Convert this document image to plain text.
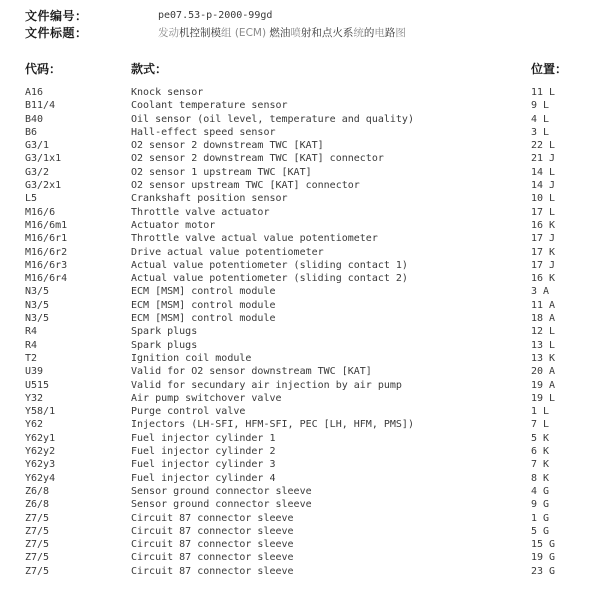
文件编号：	pe07.53-p-2000-99gd
文件标题：	发动机控制模组 (ECM) 燃油喷射和点火系统的电路图
代码：	款式：	位置：
A16	Knock sensor	11 L
B11/4	Coolant temperature sensor	9 L
B40	Oil sensor (oil level, temperature and quality)	4 L
B6	Hall-effect speed sensor	3 L
G3/1	O2 sensor 2 downstream TWC [KAT]	22 L
G3/1x1	O2 sensor 2 downstream TWC [KAT] connector	21 J
G3/2	O2 sensor 1 upstream TWC [KAT]	14 L
G3/2x1	O2 sensor upstream TWC [KAT] connector	14 J
L5	Crankshaft position sensor	10 L
M16/6	Throttle valve actuator	17 L
M16/6m1	Actuator motor	16 K
M16/6r1	Throttle valve actual value potentiometer	17 J
M16/6r2	Drive actual value potentiometer	17 K
M16/6r3	Actual value potentiometer (sliding contact 1)	17 J
M16/6r4	Actual value potentiometer (sliding contact 2)	16 K
N3/5	ECM [MSM] control module	3 A
N3/5	ECM [MSM] control module	11 A
N3/5	ECM [MSM] control module	18 A
R4	Spark plugs	12 L
R4	Spark plugs	13 L
T2	Ignition coil module	13 K
U39	Valid for O2 sensor downstream TWC [KAT]	20 A
U515	Valid for secundary air injection by air pump	19 A
Y32	Air pump switchover valve	19 L
Y58/1	Purge control valve	1 L
Y62	Injectors (LH-SFI, HFM-SFI, PEC [LH, HFM, PMS])	7 L
Y62y1	Fuel injector cylinder 1	5 K
Y62y2	Fuel injector cylinder 2	6 K
Y62y3	Fuel injector cylinder 3	7 K
Y62y4	Fuel injector cylinder 4	8 K
Z6/8	Sensor ground connector sleeve	4 G
Z6/8	Sensor ground connector sleeve	9 G
Z7/5	Circuit 87 connector sleeve	1 G
Z7/5	Circuit 87 connector sleeve	5 G
Z7/5	Circuit 87 connector sleeve	15 G
Z7/5	Circuit 87 connector sleeve	19 G
Z7/5	Circuit 87 connector sleeve	23 G
